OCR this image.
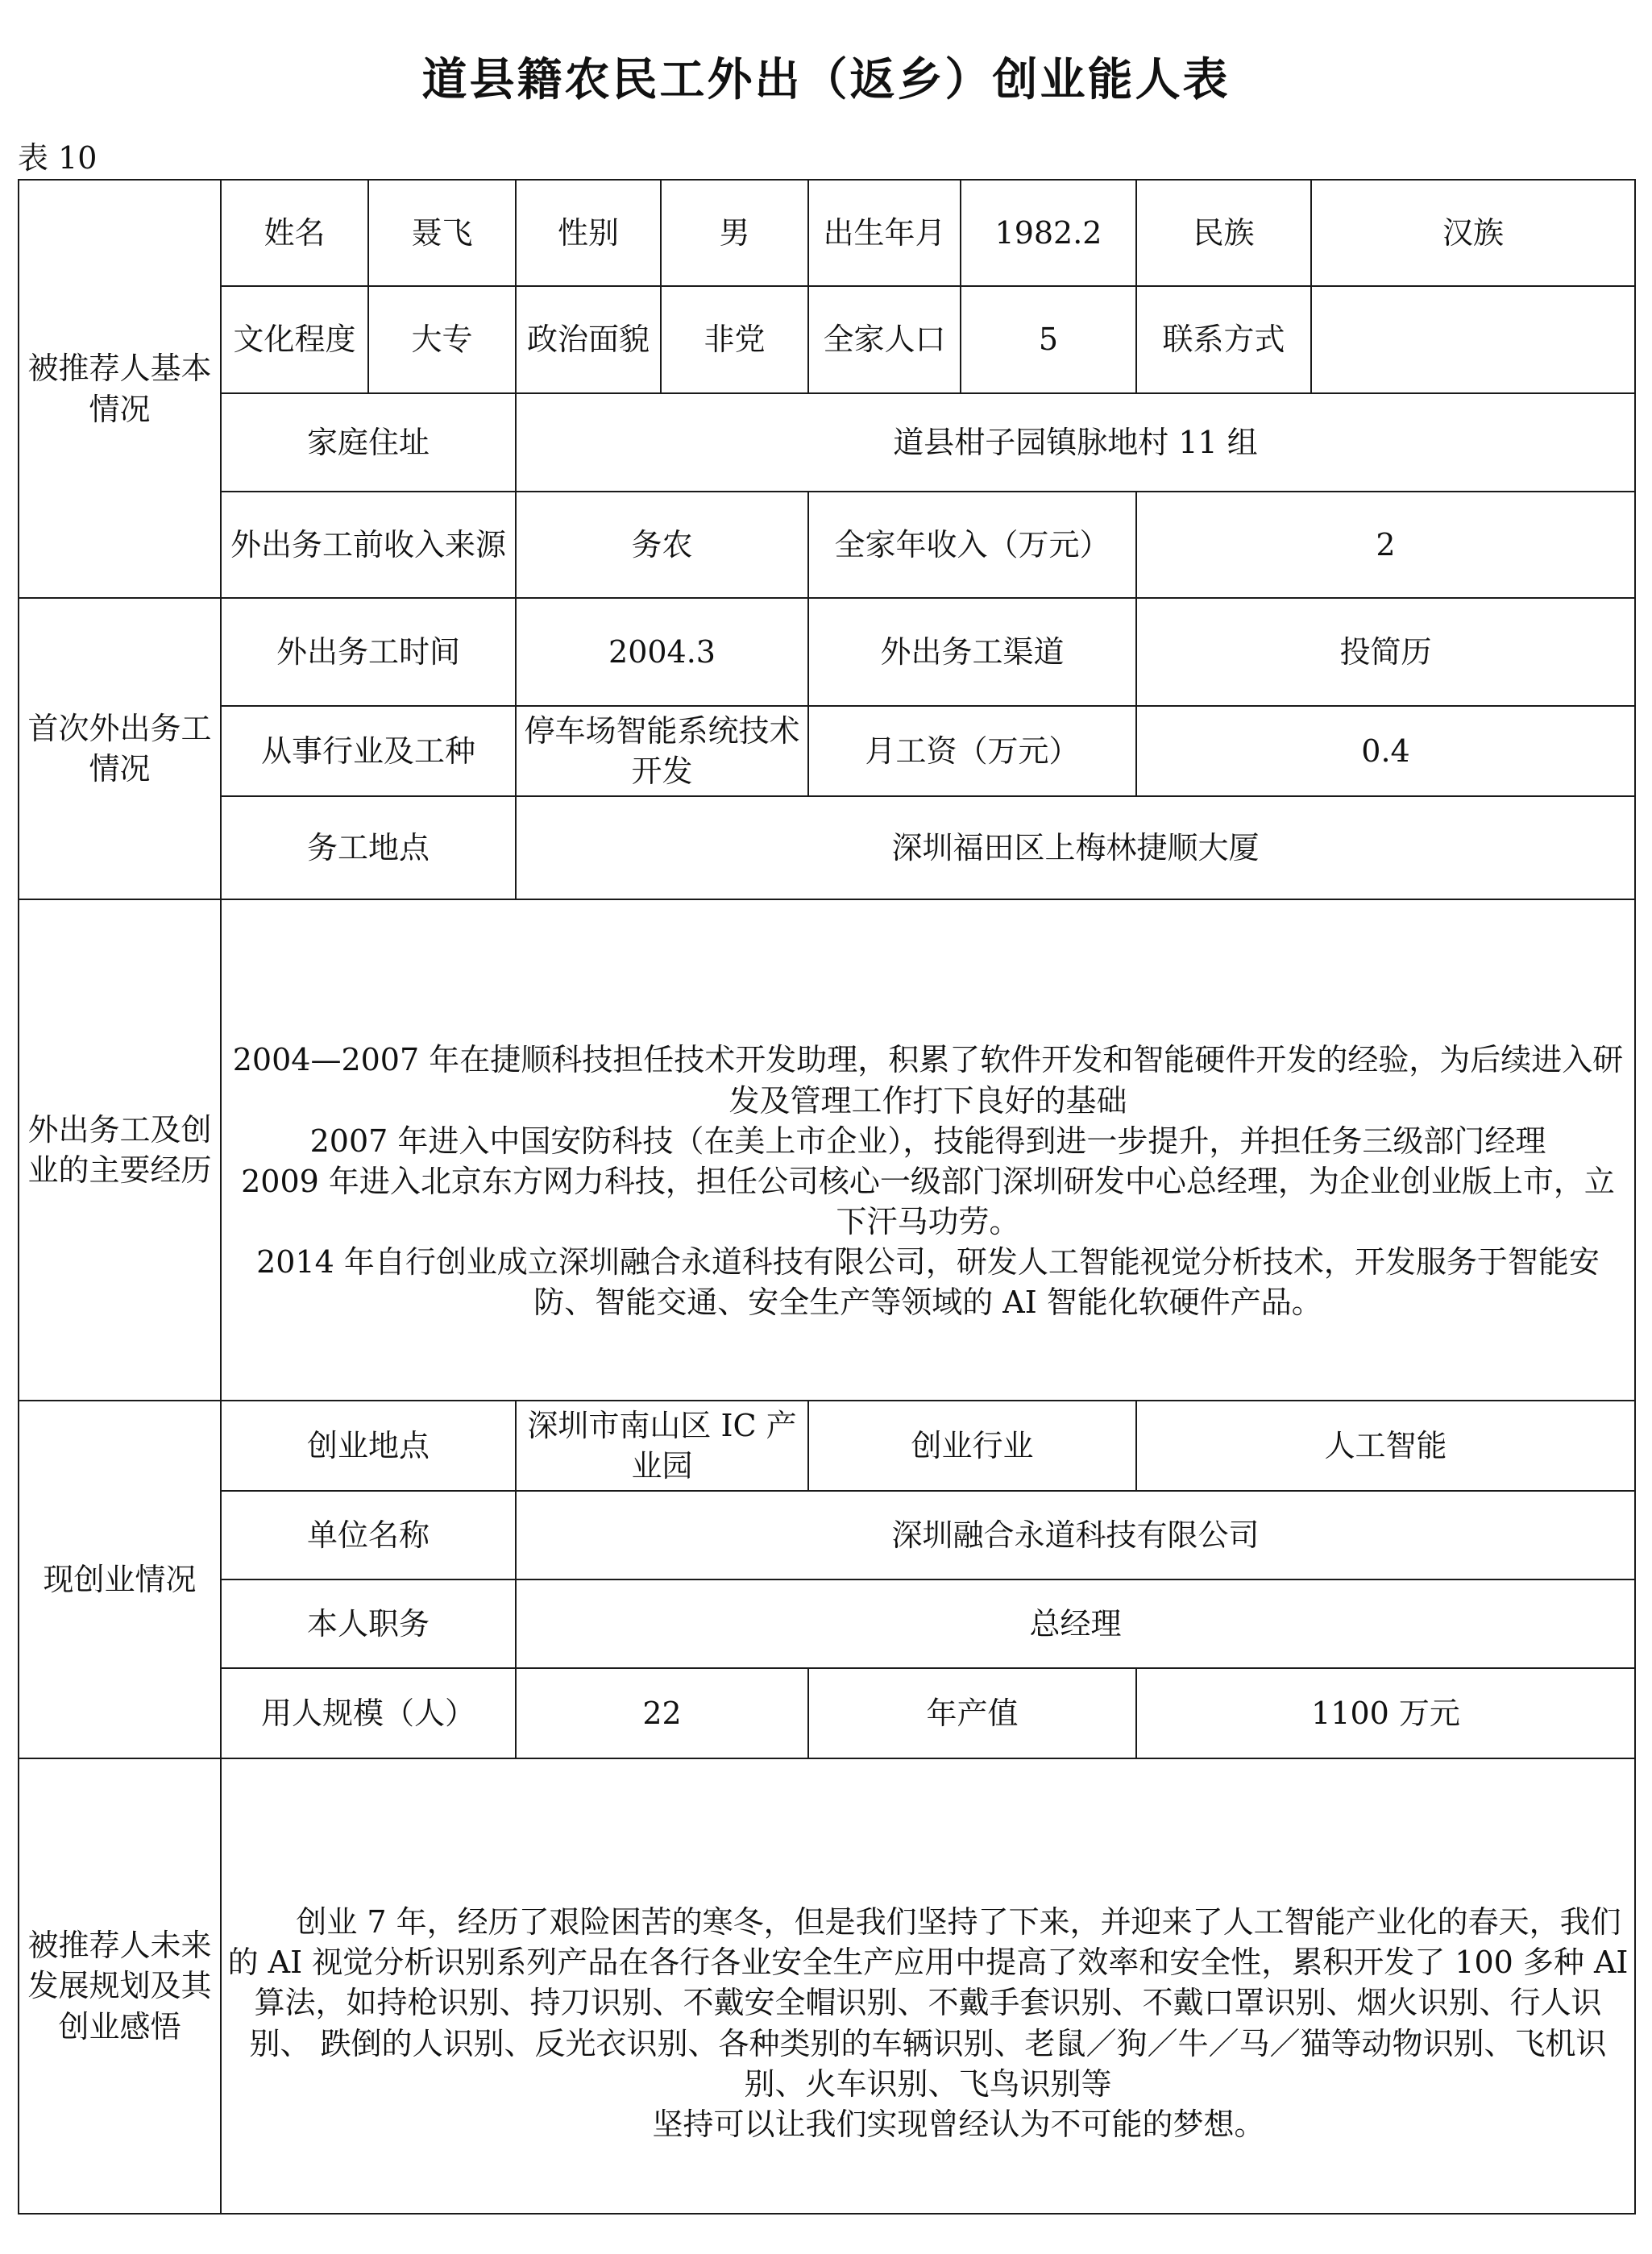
道县籍农民工外出（返乡）创业能人表
表 10
被推荐人基本情况	姓名	聂飞	性别	男	出生年月	1982.2	民族	汉族
	文化程度	大专	政治面貌	非党	全家人口	5	联系方式	
	家庭住址		道县柑子园镇脉地村 11 组					
	外出务工前收入来源		务农		全家年收入（万元）		2	
首次外出务工情况	外出务工时间		2004.3		外出务工渠道		投简历	
	从事行业及工种		停车场智能系统技术开发		月工资（万元）		0.4	
	务工地点		深圳福田区上梅林捷顺大厦					
外出务工及创业的主要经历	2004—2007 年在捷顺科技担任技术开发助理，积累了软件开发和智能硬件开发的经验，为后续进入研发及管理工作打下良好的基础

2007 年进入中国安防科技（在美上市企业），技能得到进一步提升，并担任务三级部门经理

2009 年进入北京东方网力科技，担任公司核心一级部门深圳研发中心总经理，为企业创业版上市，立下汗马功劳。

2014 年自行创业成立深圳融合永道科技有限公司，研发人工智能视觉分析技术，开发服务于智能安防、智能交通、安全生产等领域的 AI 智能化软硬件产品。							

现创业情况	创业地点		深圳市南山区 IC 产业园		创业行业		人工智能	
	单位名称		深圳融合永道科技有限公司					
	本人职务		总经理					
	用人规模（人）		22		年产值		1100 万元	
被推荐人未来发展规划及其创业感悟	创业 7 年，经历了艰险困苦的寒冬，但是我们坚持了下来，并迎来了人工智能产业化的春天，我们的 AI 视觉分析识别系列产品在各行各业安全生产应用中提高了效率和安全性，累积开发了 100 多种 AI 算法，如持枪识别、持刀识别、不戴安全帽识别、不戴手套识别、不戴口罩识别、烟火识别、行人识别、 跌倒的人识别、反光衣识别、各种类别的车辆识别、老鼠／狗／牛／马／猫等动物识别、飞机识别、火车识别、飞鸟识别等

坚持可以让我们实现曾经认为不可能的梦想。							
